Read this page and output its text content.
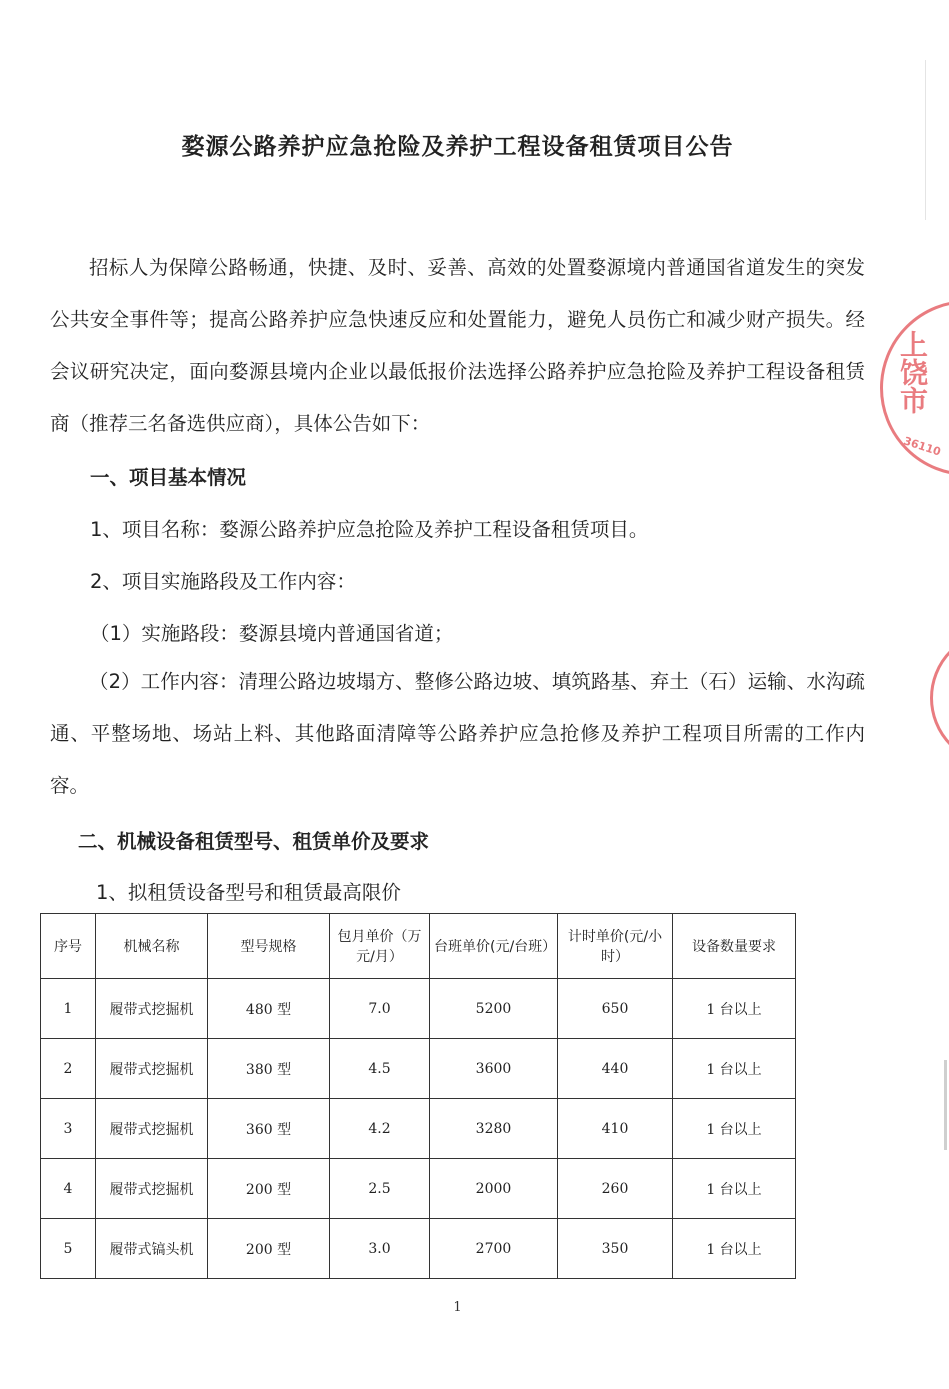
上饶市
36110
婺源公路养护应急抢险及养护工程设备租赁项目公告

招标人为保障公路畅通，快捷、及时、妥善、高效的处置婺源境内普通国省道发生的突发公共安全事件等；提高公路养护应急快速反应和处置能力，避免人员伤亡和减少财产损失。经会议研究决定，面向婺源县境内企业以最低报价法选择公路养护应急抢险及养护工程设备租赁商（推荐三名备选供应商），具体公告如下：

一、项目基本情况
1、项目名称：婺源公路养护应急抢险及养护工程设备租赁项目。
2、项目实施路段及工作内容：
（1）实施路段：婺源县境内普通国省道；

（2）工作内容：清理公路边坡塌方、整修公路边坡、填筑路基、弃土（石）运输、水沟疏通、平整场地、场站上料、其他路面清障等公路养护应急抢修及养护工程项目所需的工作内容。

二、机械设备租赁型号、租赁单价及要求
1、拟租赁设备型号和租赁最高限价
序号	机械名称	型号规格	包月单价（万元/月）	台班单价(元/台班）	计时单价(元/小时）	设备数量要求
1	履带式挖掘机	480 型	7.0	5200	650	1 台以上
2	履带式挖掘机	380 型	4.5	3600	440	1 台以上
3	履带式挖掘机	360 型	4.2	3280	410	1 台以上
4	履带式挖掘机	200 型	2.5	2000	260	1 台以上
5	履带式镐头机	200 型	3.0	2700	350	1 台以上
1
